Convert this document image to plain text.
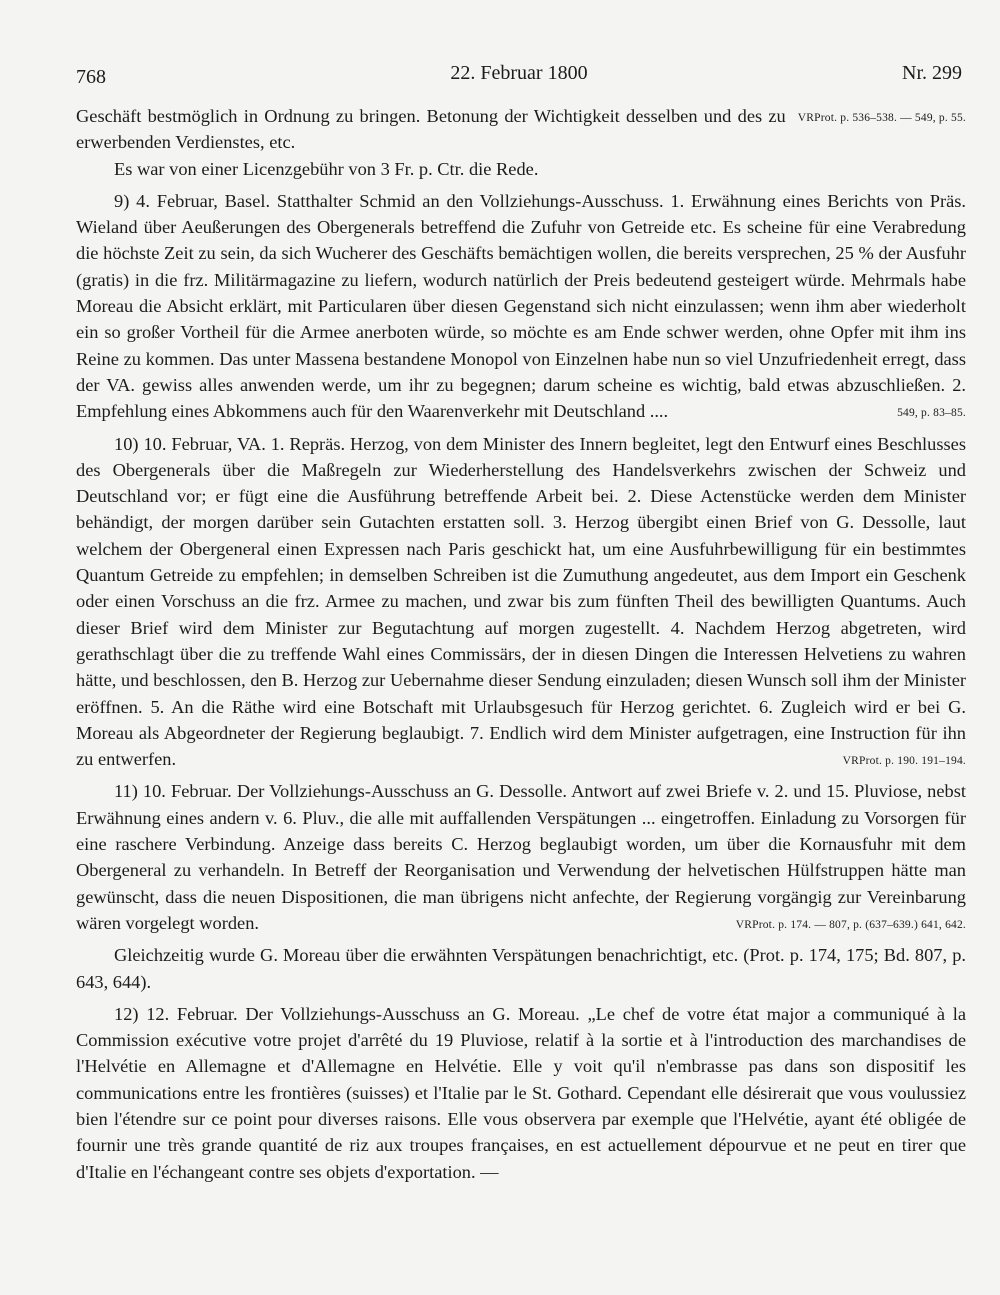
768	22. Februar 1800	Nr. 299

VRProt. p. 536–538. — 549, p. 55.
Geschäft bestmöglich in Ordnung zu bringen. Betonung der Wichtigkeit desselben und des zu erwerbenden Verdienstes, etc.

Es war von einer Licenzgebühr von 3 Fr. p. Ctr. die Rede.

9) 4. Februar, Basel. Statthalter Schmid an den Vollziehungs-Ausschuss. 1. Erwähnung eines Berichts von Präs. Wieland über Aeußerungen des Obergenerals betreffend die Zufuhr von Getreide etc. Es scheine für eine Verabredung die höchste Zeit zu sein, da sich Wucherer des Geschäfts bemächtigen wollen, die bereits versprechen, 25 % der Ausfuhr (gratis) in die frz. Militärmagazine zu liefern, wodurch natürlich der Preis bedeutend gesteigert würde. Mehrmals habe Moreau die Absicht erklärt, mit Particularen über diesen Gegenstand sich nicht einzulassen; wenn ihm aber wiederholt ein so großer Vortheil für die Armee anerboten würde, so möchte es am Ende schwer werden, ohne Opfer mit ihm ins Reine zu kommen. Das unter Massena bestandene Monopol von Einzelnen habe nun so viel Unzufriedenheit erregt, dass der VA. gewiss alles anwenden werde, um ihr zu begegnen; darum scheine es wichtig, bald etwas abzuschließen. 2. Empfehlung eines Abkommens auch für den Waarenverkehr mit Deutschland ....	549, p. 83–85.

10) 10. Februar, VA. 1. Repräs. Herzog, von dem Minister des Innern begleitet, legt den Entwurf eines Beschlusses des Obergenerals über die Maßregeln zur Wiederherstellung des Handelsverkehrs zwischen der Schweiz und Deutschland vor; er fügt eine die Ausführung betreffende Arbeit bei. 2. Diese Actenstücke werden dem Minister behändigt, der morgen darüber sein Gutachten erstatten soll. 3. Herzog übergibt einen Brief von G. Dessolle, laut welchem der Obergeneral einen Expressen nach Paris geschickt hat, um eine Ausfuhrbewilligung für ein bestimmtes Quantum Getreide zu empfehlen; in demselben Schreiben ist die Zumuthung angedeutet, aus dem Import ein Geschenk oder einen Vorschuss an die frz. Armee zu machen, und zwar bis zum fünften Theil des bewilligten Quantums. Auch dieser Brief wird dem Minister zur Begutachtung auf morgen zugestellt. 4. Nachdem Herzog abgetreten, wird gerathschlagt über die zu treffende Wahl eines Commissärs, der in diesen Dingen die Interessen Helvetiens zu wahren hätte, und beschlossen, den B. Herzog zur Uebernahme dieser Sendung einzuladen; diesen Wunsch soll ihm der Minister eröffnen. 5. An die Räthe wird eine Botschaft mit Urlaubsgesuch für Herzog gerichtet. 6. Zugleich wird er bei G. Moreau als Abgeordneter der Regierung beglaubigt. 7. Endlich wird dem Minister aufgetragen, eine Instruction für ihn zu entwerfen.	VRProt. p. 190. 191–194.

11) 10. Februar. Der Vollziehungs-Ausschuss an G. Dessolle. Antwort auf zwei Briefe v. 2. und 15. Pluviose, nebst Erwähnung eines andern v. 6. Pluv., die alle mit auffallenden Verspätungen ... eingetroffen. Einladung zu Vorsorgen für eine raschere Verbindung. Anzeige dass bereits C. Herzog beglaubigt worden, um über die Kornausfuhr mit dem Obergeneral zu verhandeln. In Betreff der Reorganisation und Verwendung der helvetischen Hülfstruppen hätte man gewünscht, dass die neuen Dispositionen, die man übrigens nicht anfechte, der Regierung vorgängig zur Vereinbarung wären vorgelegt worden.	VRProt. p. 174. — 807, p. (637–639.) 641, 642.

Gleichzeitig wurde G. Moreau über die erwähnten Verspätungen benachrichtigt, etc. (Prot. p. 174, 175; Bd. 807, p. 643, 644).

12) 12. Februar. Der Vollziehungs-Ausschuss an G. Moreau. „Le chef de votre état major a communiqué à la Commission exécutive votre projet d'arrêté du 19 Pluviose, relatif à la sortie et à l'introduction des marchandises de l'Helvétie en Allemagne et d'Allemagne en Helvétie. Elle y voit qu'il n'embrasse pas dans son dispositif les communications entre les frontières (suisses) et l'Italie par le St. Gothard. Cependant elle désirerait que vous voulussiez bien l'étendre sur ce point pour diverses raisons. Elle vous observera par exemple que l'Helvétie, ayant été obligée de fournir une très grande quantité de riz aux troupes françaises, en est actuellement dépourvue et ne peut en tirer que d'Italie en l'échangeant contre ses objets d'exportation. —
